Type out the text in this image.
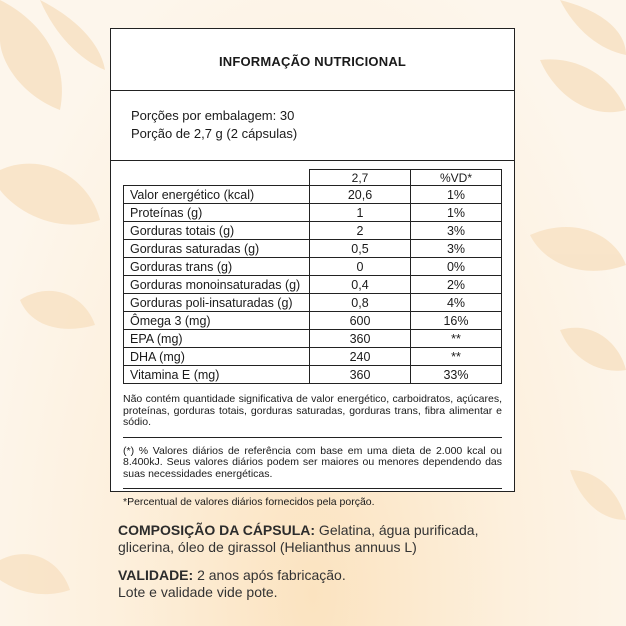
INFORMAÇÃO NUTRICIONAL
Porções por embalagem: 30
Porção de 2,7 g (2 cápsulas)
	2,7	%VD*
Valor energético (kcal)	20,6	1%
Proteínas (g)	1	1%
Gorduras totais (g)	2	3%
Gorduras saturadas (g)	0,5	3%
Gorduras trans (g)	0	0%
Gorduras monoinsaturadas (g)	0,4	2%
Gorduras poli-insaturadas (g)	0,8	4%
Ômega 3 (mg)	600	16%
EPA (mg)	360	**
DHA (mg)	240	**
Vitamina E (mg)	360	33%
Não contém quantidade significativa de valor energético, carboidratos, açúcares, proteínas, gorduras totais, gorduras saturadas, gorduras trans, fibra alimentar e sódio.
(*) % Valores diários de referência com base em uma dieta de 2.000 kcal ou 8.400kJ. Seus valores diários podem ser maiores ou menores dependendo das suas necessidades energéticas.
*Percentual de valores diários fornecidos pela porção.
COMPOSIÇÃO DA CÁPSULA: Gelatina, água purificada,
glicerina, óleo de girassol (Helianthus annuus L)
VALIDADE: 2 anos após fabricação.
Lote e validade vide pote.
